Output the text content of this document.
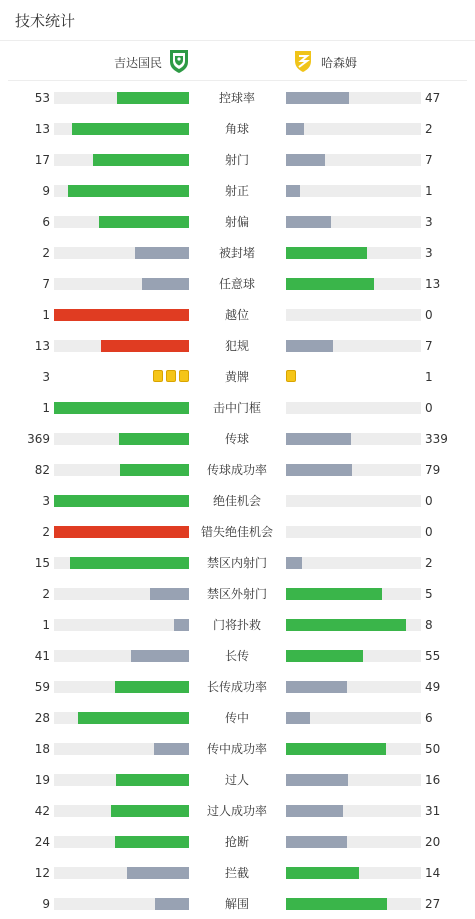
技术统计
吉达国民	哈森姆
53	控球率	47
13	角球	2
17	射门	7
9	射正	1
6	射偏	3
2	被封堵	3
7	任意球	13
1	越位	0
13	犯规	7
3	黄牌	1
1	击中门框	0
369	传球	339
82	传球成功率	79
3	绝佳机会	0
2	错失绝佳机会	0
15	禁区内射门	2
2	禁区外射门	5
1	门将扑救	8
41	长传	55
59	长传成功率	49
28	传中	6
18	传中成功率	50
19	过人	16
42	过人成功率	31
24	抢断	20
12	拦截	14
9	解围	27
